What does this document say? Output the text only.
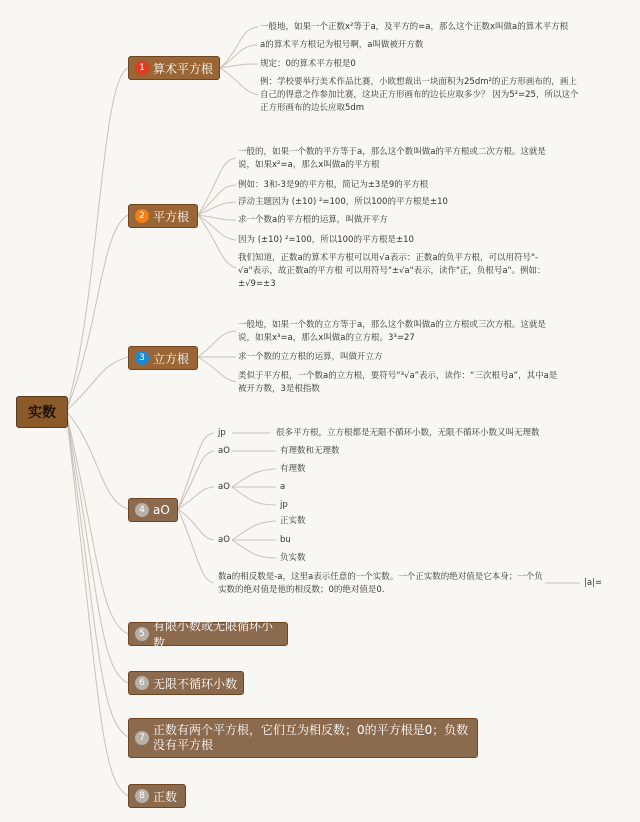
实数
1 算术平方根
一般地，如果一个正数x²等于a，及平方的=a，那么这个正数x叫做a的算术平方根
a的算术平方根记为根号啊，a叫做被开方数
规定：0的算术平方根是0
例：学校要举行美术作品比赛，小欧想裁出一块面积为25dm²的正方形画布的，画上自己的得意之作参加比赛，这块正方形画布的边长应取多少？ 因为5²=25，所以这个正方形画布的边长应取5dm
2 平方根
一般的，如果一个数的平方等于a，那么这个数叫做a的平方根或二次方根。这就是说，如果x²=a，那么x叫做a的平方根
例如：3和-3是9的平方根，简记为±3是9的平方根
浮动主题因为 (±10) ²=100，所以100的平方根是±10
求一个数a的平方根的运算，叫做开平方
因为 (±10) ²=100，所以100的平方根是±10
我们知道，正数a的算术平方根可以用√a表示：正数a的负平方根，可以用符号"-√a"表示，故正数a的平方根 可以用符号"±√a"表示，读作"正，负根号a"。例如：±√9=±3
3 立方根
一般地，如果一个数的立方等于a，那么这个数叫做a的立方根或三次方根。这就是说，如果x³=a，那么x叫做a的立方根。3³=27
求一个数的立方根的运算，叫做开立方
类似于平方根，一个数a的立方根，要符号“³√a”表示，读作：“三次根号a”，其中a是被开方数，3是根指数
4 aO
jp	很多平方根，立方根都是无限不循环小数，无限不循环小数又叫无理数
aO	有理数和无理数
aO
有理数
a
jp
aO
正实数
bu
负实数
数a的相反数是-a，这里a表示任意的一个实数。一个正实数的绝对值是它本身；一个负实数的绝对值是他的相反数；0的绝对值是0.
|a|=
5
有限小数或无限循环小数
6 无限不循环小数
7
正数有两个平方根，它们互为相反数；0的平方根是0；负数没有平方根
8 正数
